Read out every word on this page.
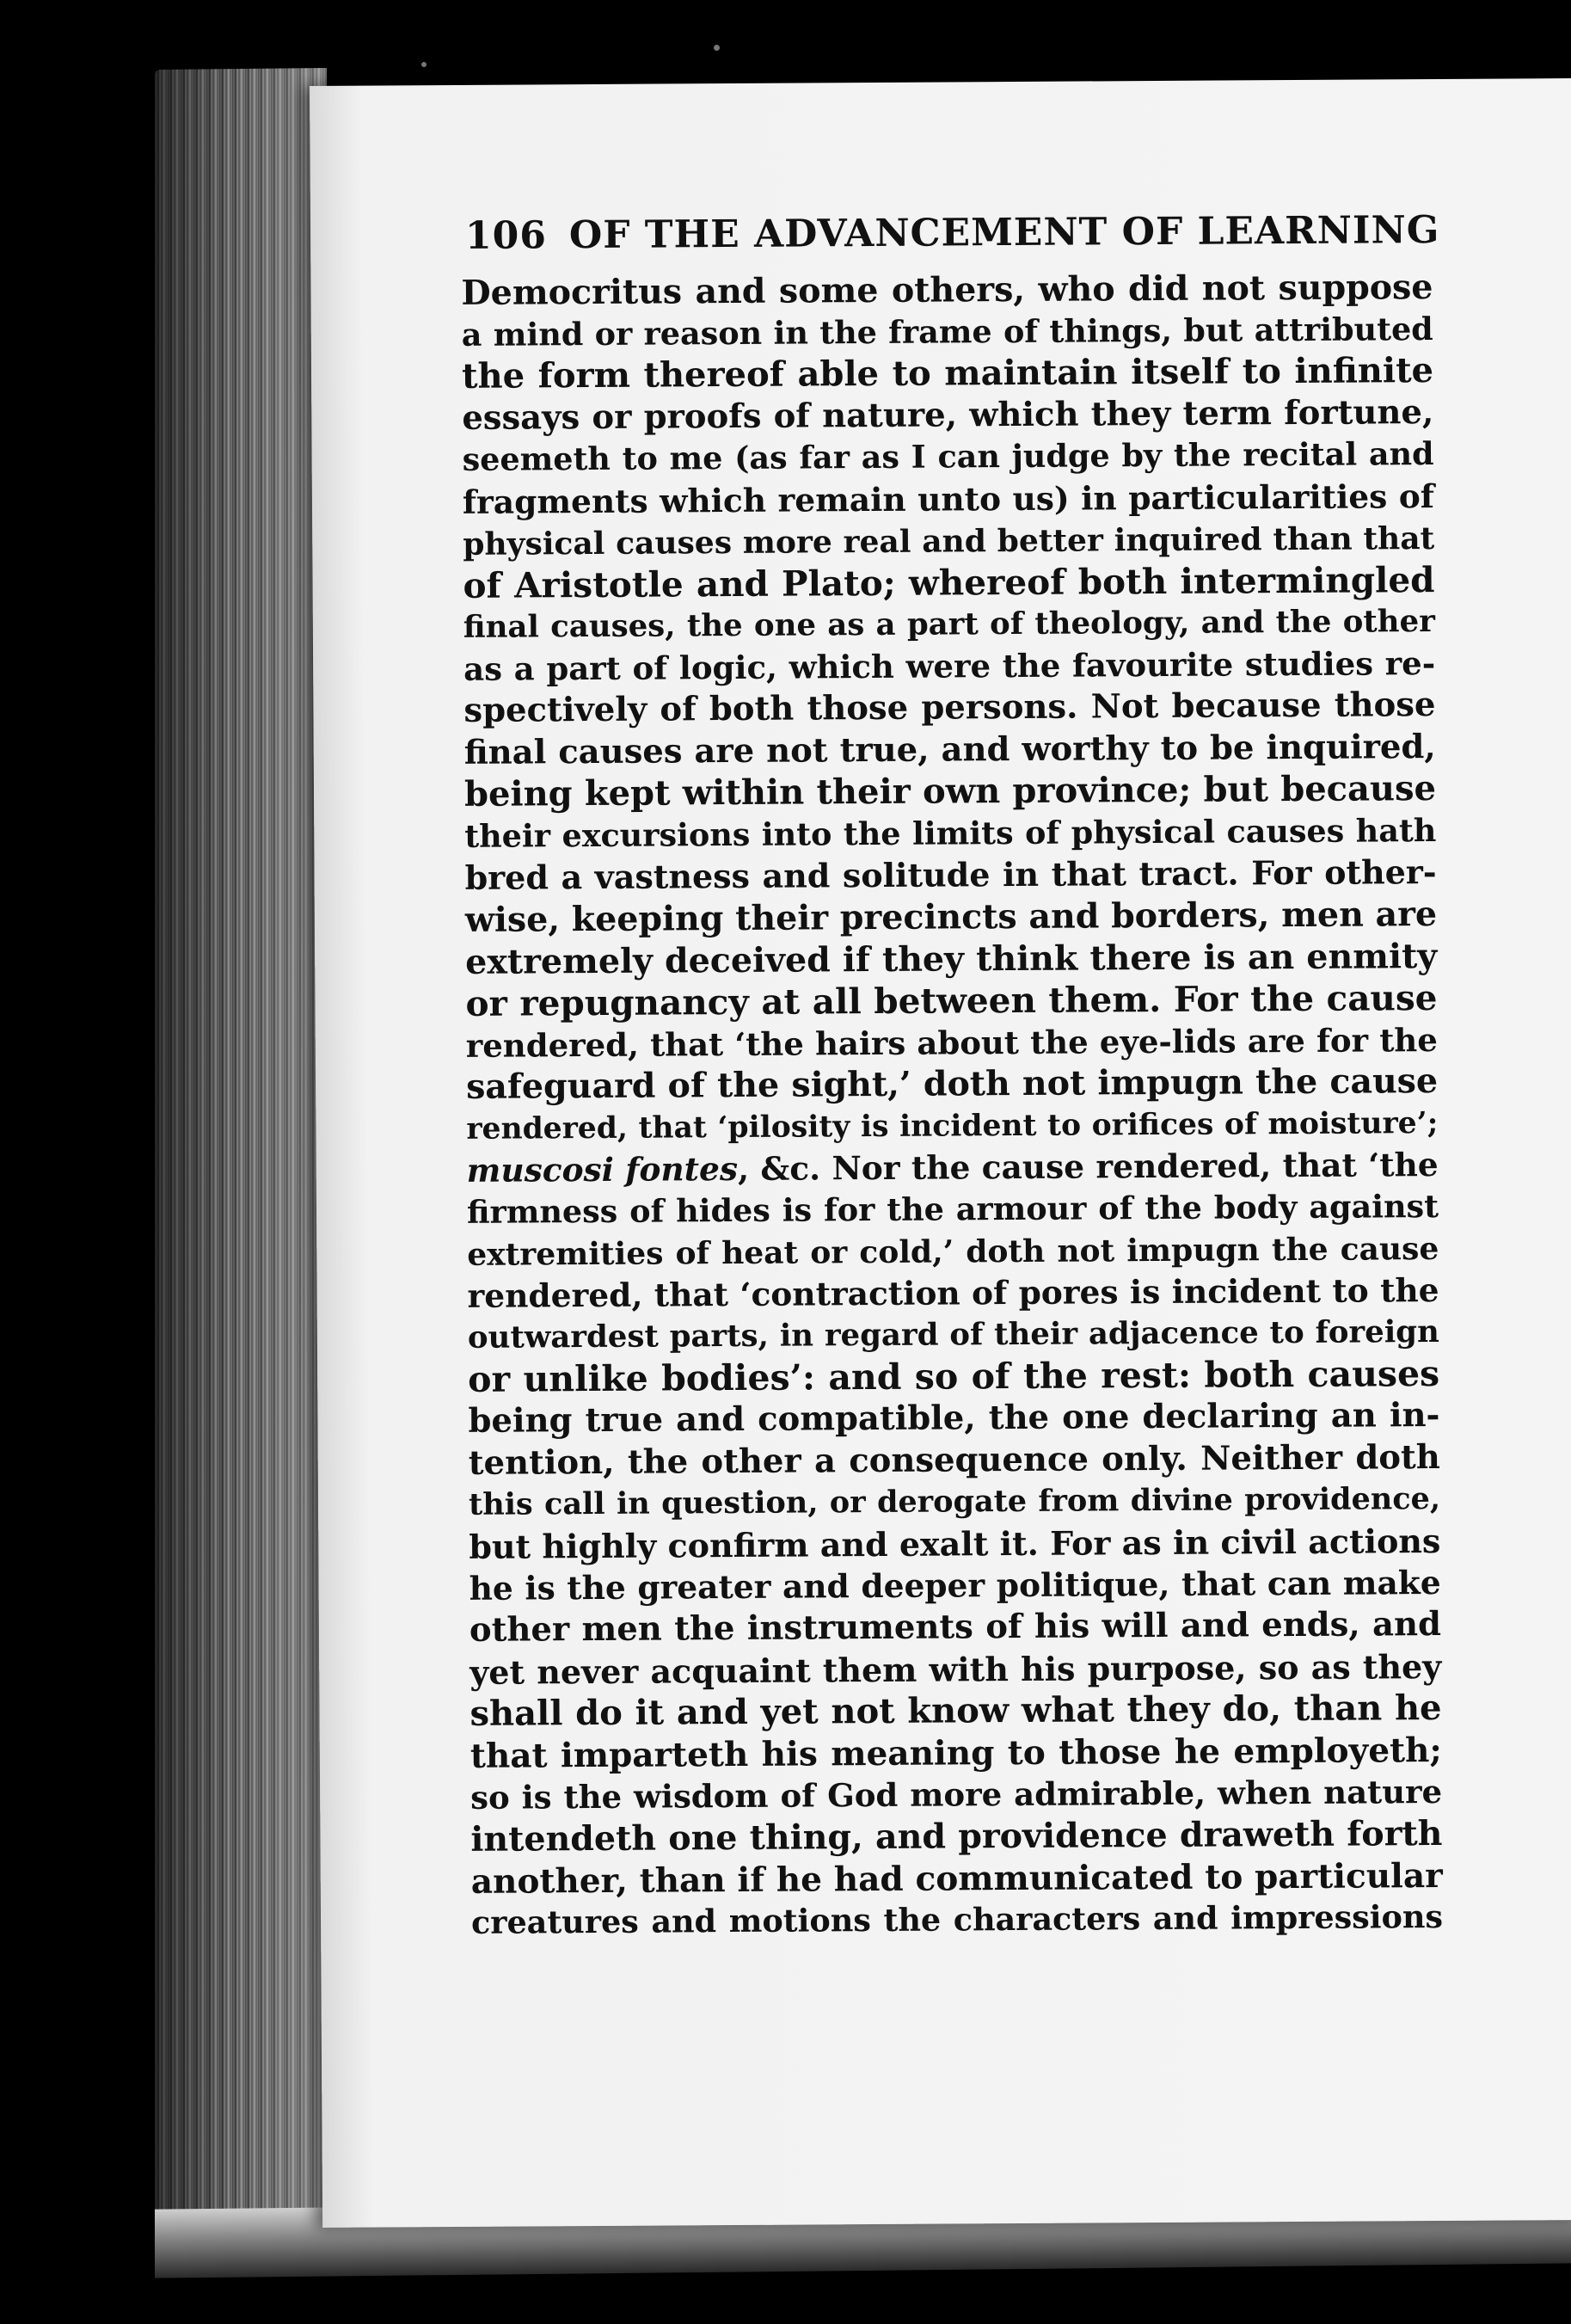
106 OF THE ADVANCEMENT OF LEARNING
Democritus and some others, who did not suppose
a mind or reason in the frame of things, but attributed
the form thereof able to maintain itself to infinite
essays or proofs of nature, which they term fortune,
seemeth to me (as far as I can judge by the recital and
fragments which remain unto us) in particularities of
physical causes more real and better inquired than that
of Aristotle and Plato; whereof both intermingled
final causes, the one as a part of theology, and the other
as a part of logic, which were the favourite studies re-
spectively of both those persons. Not because those
final causes are not true, and worthy to be inquired,
being kept within their own province; but because
their excursions into the limits of physical causes hath
bred a vastness and solitude in that tract. For other-
wise, keeping their precincts and borders, men are
extremely deceived if they think there is an enmity
or repugnancy at all between them. For the cause
rendered, that ‘the hairs about the eye-lids are for the
safeguard of the sight,’ doth not impugn the cause
rendered, that ‘pilosity is incident to orifices of moisture’;
muscosi fontes, &c. Nor the cause rendered, that ‘the
firmness of hides is for the armour of the body against
extremities of heat or cold,’ doth not impugn the cause
rendered, that ‘contraction of pores is incident to the
outwardest parts, in regard of their adjacence to foreign
or unlike bodies’: and so of the rest: both causes
being true and compatible, the one declaring an in-
tention, the other a consequence only. Neither doth
this call in question, or derogate from divine providence,
but highly confirm and exalt it. For as in civil actions
he is the greater and deeper politique, that can make
other men the instruments of his will and ends, and
yet never acquaint them with his purpose, so as they
shall do it and yet not know what they do, than he
that imparteth his meaning to those he employeth;
so is the wisdom of God more admirable, when nature
intendeth one thing, and providence draweth forth
another, than if he had communicated to particular
creatures and motions the characters and impressions
